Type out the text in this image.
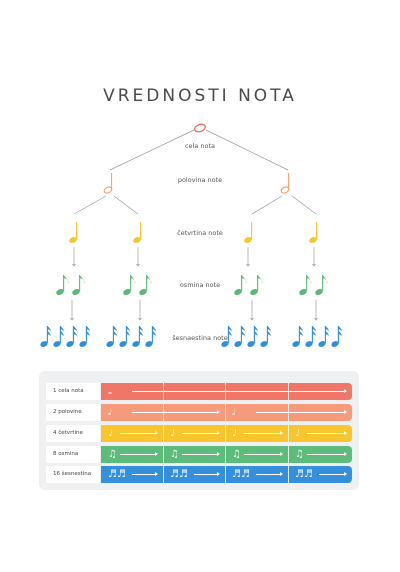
VREDNOSTI NOTA
cela nota
polovina note
četvrtina note
osmina note
šesnaestina note
1 cela nota	𝅝
2 polovine	𝅗𝅥	𝅗𝅥
4 četvrtine	♩	♩	♩	♩
8 osmina	♫	♫	♫	♫
16 šesnestina	♬♬	♬♬	♬♬	♬♬
